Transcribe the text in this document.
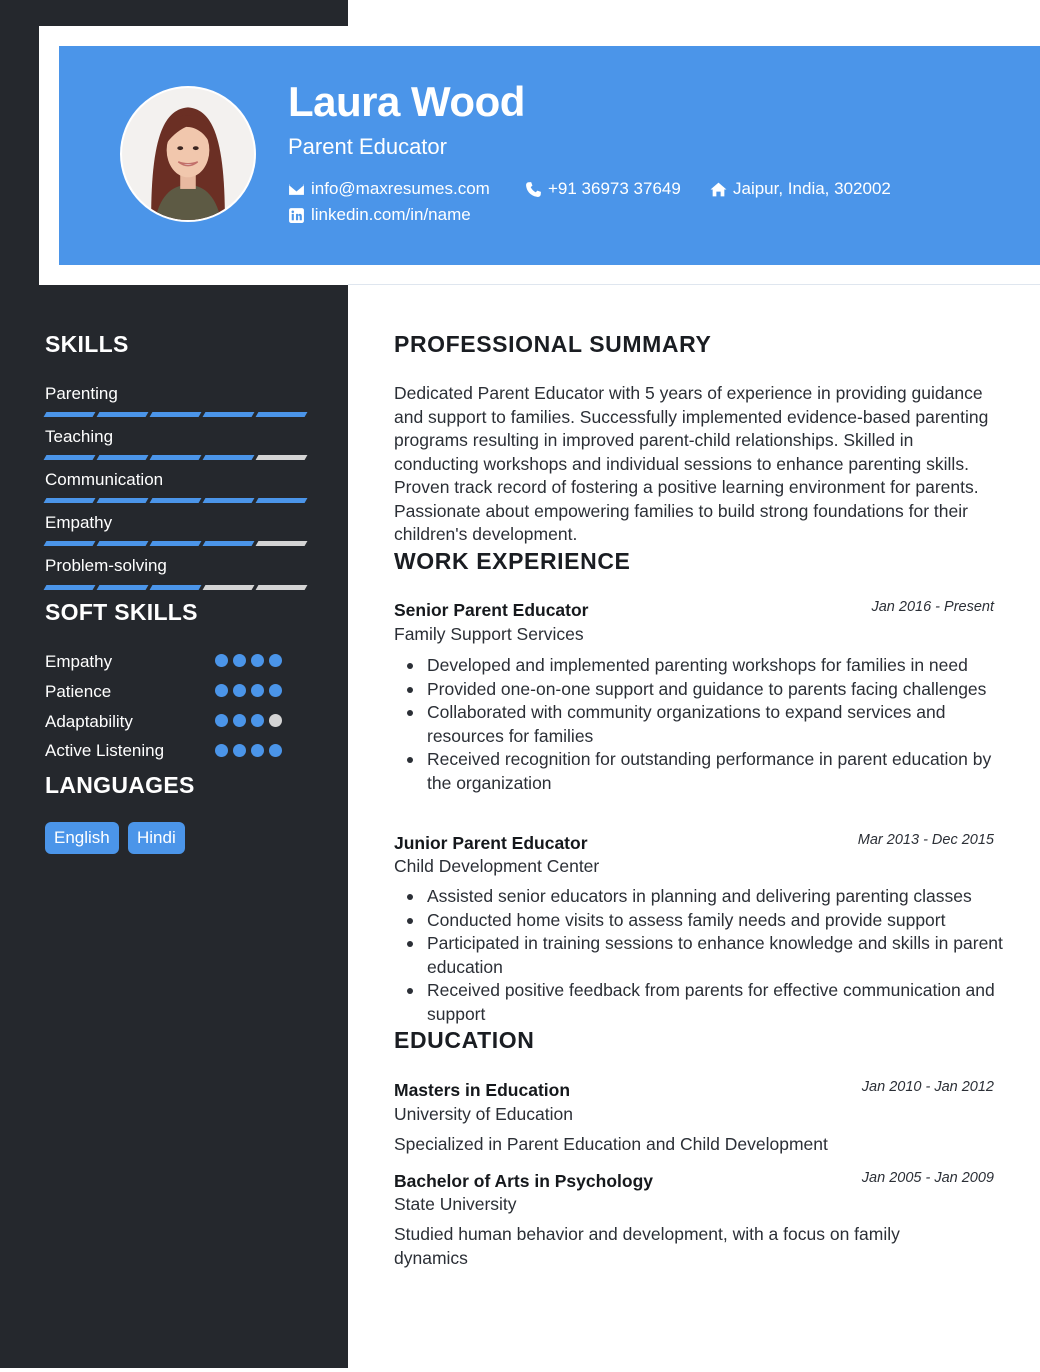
Laura Wood
Parent Educator
info@maxresumes.com	+91 36973 37649	Jaipur, India, 302002
linkedin.com/in/name
SKILLS
Parenting
Teaching
Communication
Empathy
Problem-solving
SOFT SKILLS
Empathy
Patience
Adaptability
Active Listening
LANGUAGES
English	Hindi
PROFESSIONAL SUMMARY
Dedicated Parent Educator with 5 years of experience in providing guidance and support to families. Successfully implemented evidence-based parenting programs resulting in improved parent-child relationships. Skilled in conducting workshops and individual sessions to enhance parenting skills. Proven track record of fostering a positive learning environment for parents. Passionate about empowering families to build strong foundations for their children's development.
WORK EXPERIENCE
Senior Parent Educator	Jan 2016 - Present
Family Support Services
Developed and implemented parenting workshops for families in need
Provided one-on-one support and guidance to parents facing challenges
Collaborated with community organizations to expand services and resources for families
Received recognition for outstanding performance in parent education by the organization
Junior Parent Educator	Mar 2013 - Dec 2015
Child Development Center
Assisted senior educators in planning and delivering parenting classes
Conducted home visits to assess family needs and provide support
Participated in training sessions to enhance knowledge and skills in parent education
Received positive feedback from parents for effective communication and support
EDUCATION
Masters in Education	Jan 2010 - Jan 2012
University of Education
Specialized in Parent Education and Child Development
Bachelor of Arts in Psychology	Jan 2005 - Jan 2009
State University
Studied human behavior and development, with a focus on family dynamics
